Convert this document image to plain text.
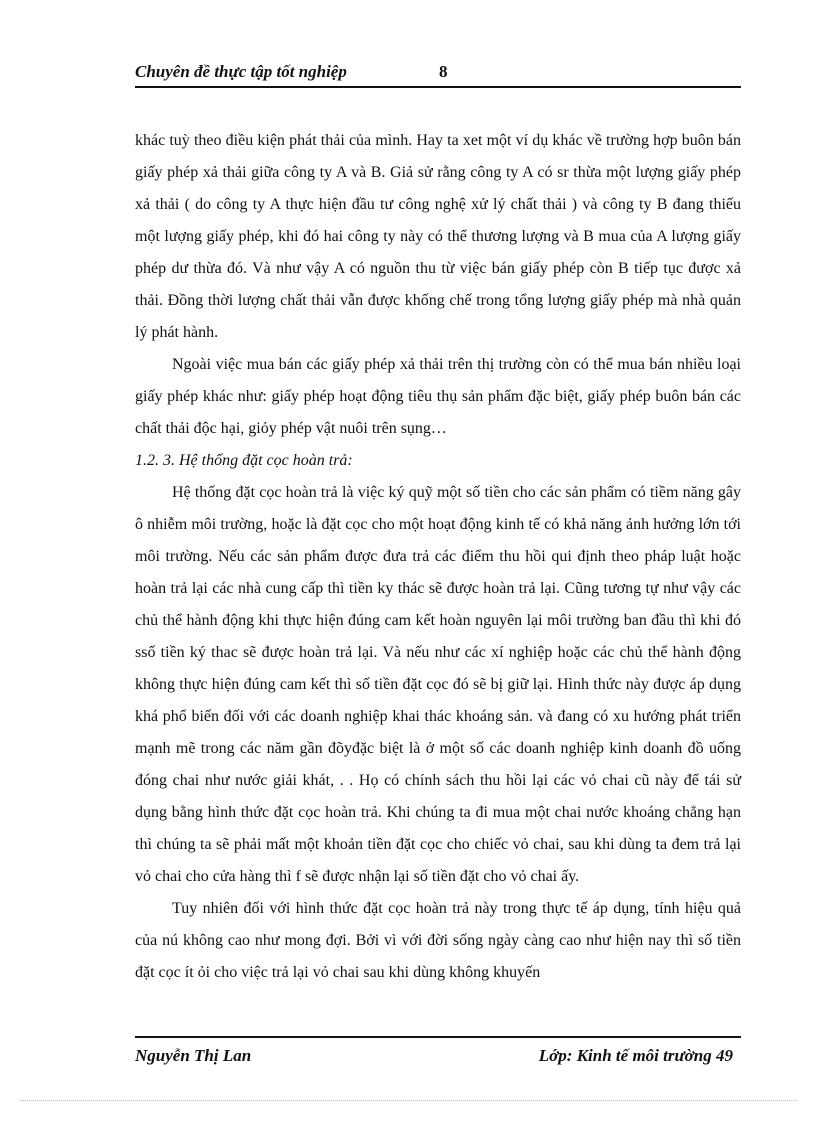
Chuyên đề thực tập tốt nghiệp	8

khác tuỳ theo điều kiện phát thải của mình. Hay ta xet một ví dụ khác về trường hợp buôn bán giấy phép xả thải giữa công ty A và B. Giả sử rằng công ty A có sr thừa một lượng giấy phép xả thải ( do công ty A thực hiện đầu tư công nghệ xử lý chất thải ) và công ty B đang thiếu một lượng giấy phép, khi đó hai công ty này có thể thương lượng và B mua của A lượng giấy phép dư thừa đó. Và như vậy A có nguồn thu từ việc bán giấy phép còn B tiếp tục được xả thải. Đồng thời lượng chất thải vẫn được khống chế trong tổng lượng giấy phép mà nhà quản lý phát hành.

Ngoài việc mua bán các giấy phép xả thải trên thị trường còn có thể mua bán nhiều loại giấy phép khác như: giấy phép hoạt động tiêu thụ sản phẩm đặc biệt, giấy phép buôn bán các chất thải độc hại, giỏy phép vật nuôi trên sụng…

1.2. 3. Hệ thống đặt cọc hoàn trả:

Hệ thống đặt cọc hoàn trả là việc ký quỹ một số tiền cho các sản phẩm có tiềm năng gây ô nhiễm môi trường, hoặc là đặt cọc cho một hoạt động kinh tế có khả năng ảnh hưởng lớn tới môi trường. Nếu các sản phẩm được đưa trả các điểm thu hồi qui định theo pháp luật hoặc hoàn trả lại các nhà cung cấp thì tiền ky thác sẽ được hoàn trả lại. Cũng tương tự như vậy các chủ thể hành động khi thực hiện đúng cam kết hoàn nguyên lại môi trường ban đầu thì khi đó ssố tiền ký thac sẽ được hoàn trả lại. Và nếu như các xí nghiệp hoặc các chủ thể hành động không thực hiện đúng cam kết thì số tiền đặt cọc đó sẽ bị giữ lại. Hình thức này được áp dụng khá phổ biến đối với các doanh nghiệp khai thác khoáng sản. và đang có xu hướng phát triển mạnh mẽ trong các năm gần đõyđặc biệt là ở một số các doanh nghiệp kinh doanh đồ uống đóng chai như nước giải khát, . . Họ có chính sách thu hồi lại các vỏ chai cũ này để tái sử dụng bằng hình thức đặt cọc hoàn trả. Khi chúng ta đi mua một chai nước khoáng chẳng hạn thì chúng ta sẽ phải mất một khoản tiền đặt cọc cho chiếc vỏ chai, sau khi dùng ta đem trả lại vỏ chai cho cửa hàng thì f sẽ được nhận lại số tiền đặt cho vỏ chai ấy.

Tuy nhiên đối với hình thức đặt cọc hoàn trả này trong thực tế áp dụng, tính hiệu quả của nú không cao như mong đợi. Bởi vì với đời sống ngày càng cao như hiện nay thì số tiền đặt cọc ít ỏi cho việc trả lại vỏ chai sau khi dùng không khuyến

Nguyễn Thị Lan	Lớp: Kinh tế môi trường 49
